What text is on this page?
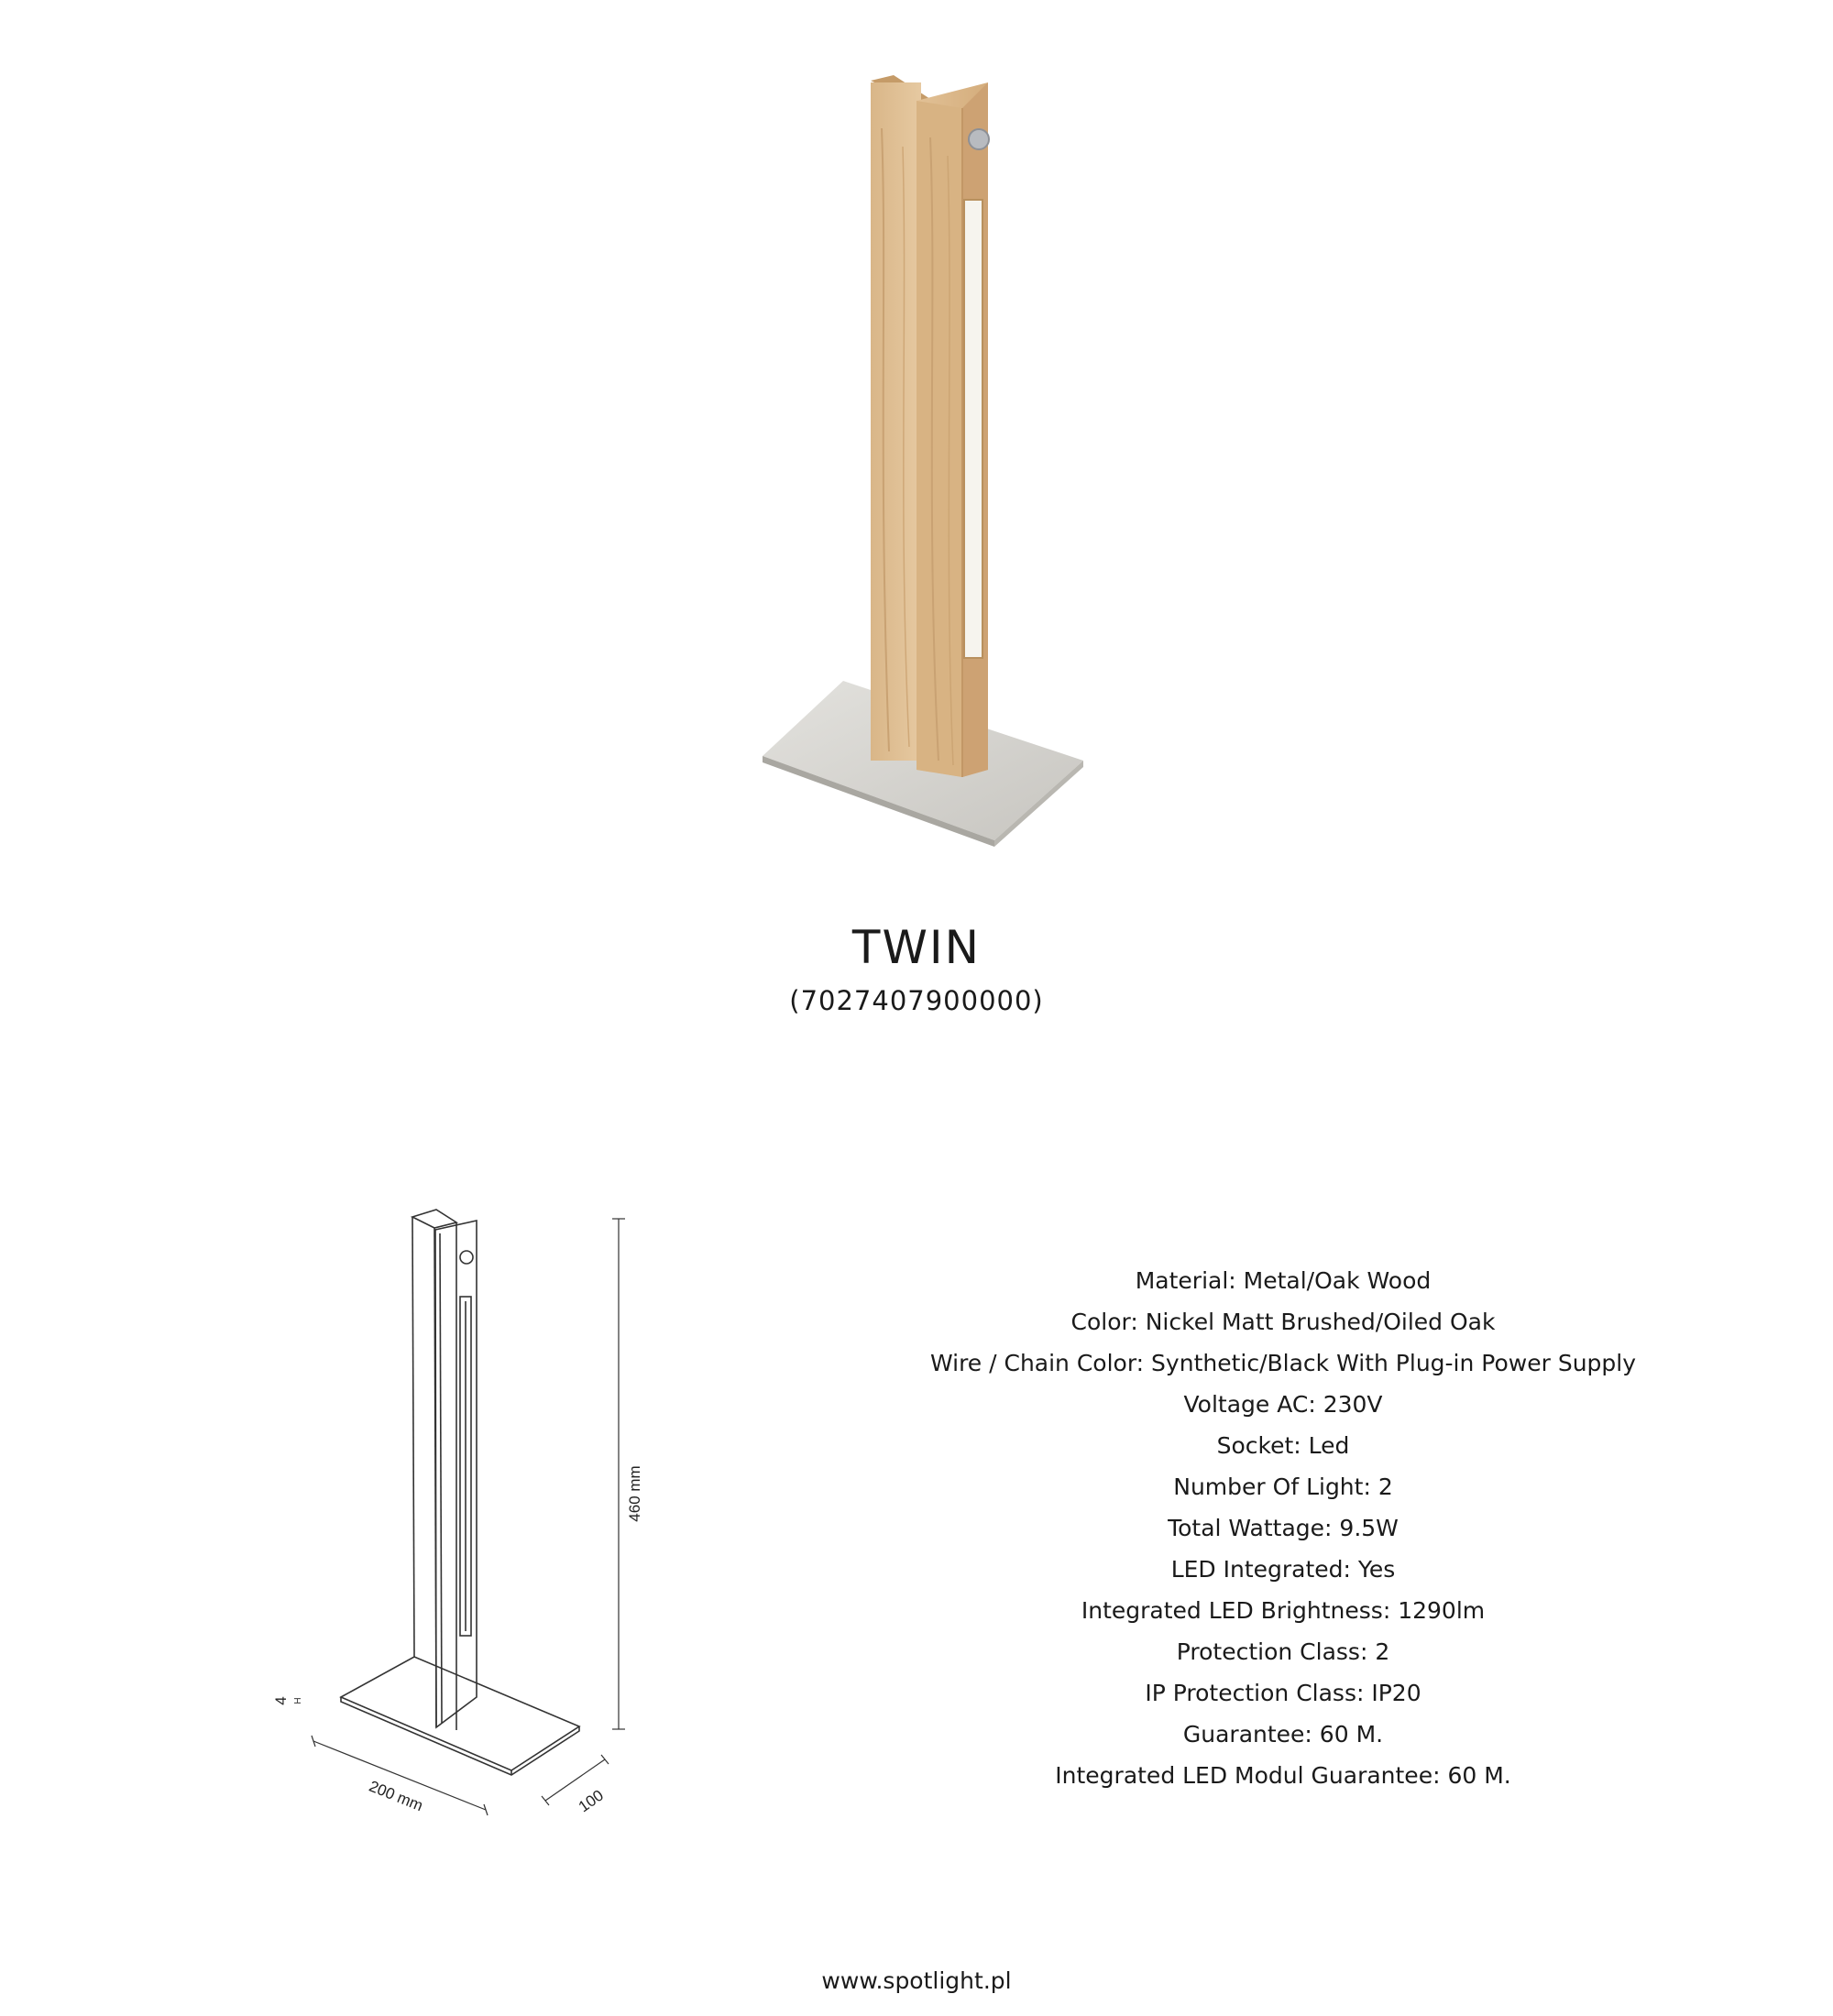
TWIN
(7027407900000)
460 mm
200 mm	100
4 H
Material: Metal/Oak Wood
Color: Nickel Matt Brushed/Oiled Oak
Wire / Chain Color: Synthetic/Black With Plug-in Power Supply
Voltage AC: 230V
Socket: Led
Number Of Light: 2
Total Wattage: 9.5W
LED Integrated: Yes
Integrated LED Brightness: 1290lm
Protection Class: 2
IP Protection Class: IP20
Guarantee: 60 M.
Integrated LED Modul Guarantee: 60 M.
www.spotlight.pl
